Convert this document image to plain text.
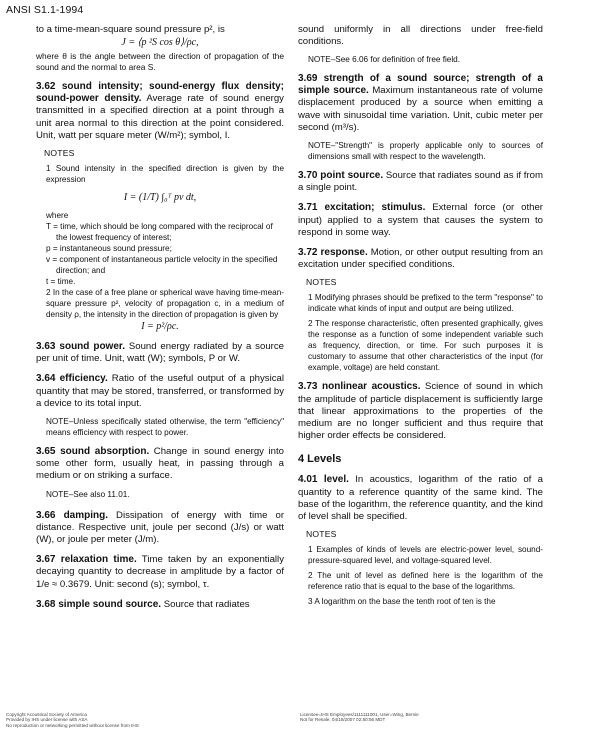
ANSI S1.1-1994
to a time-mean-square sound pressure p², is
J = ⟨p ²S cos θ⟩/ρc,
where θ is the angle between the direction of propagation of the sound and the normal to area S.
3.62 sound intensity; sound-energy flux density; sound-power density. Average rate of sound energy transmitted in a specified direction at a point through a unit area normal to this direction at the point considered. Unit, watt per square meter (W/m²); symbol, I.
NOTES
1 Sound intensity in the specified direction is given by the expression
I = (1/T) ∫₀ᵀ pv dt,
where
T = time, which should be long compared with the reciprocal of the lowest frequency of interest;
p = instantaneous sound pressure;
v = component of instantaneous particle velocity in the specified direction; and
t = time.
2 In the case of a free plane or spherical wave having time-mean-square pressure p², velocity of propagation c, in a medium of density ρ, the intensity in the direction of propagation is given by
I = p²/ρc.
3.63 sound power. Sound energy radiated by a source per unit of time. Unit, watt (W); symbols, P or W.
3.64 efficiency. Ratio of the useful output of a physical quantity that may be stored, transferred, or transformed by a device to its total input.
NOTE–Unless specifically stated otherwise, the term "efficiency" means efficiency with respect to power.
3.65 sound absorption. Change in sound energy into some other form, usually heat, in passing through a medium or on striking a surface.
NOTE–See also 11.01.
3.66 damping. Dissipation of energy with time or distance. Respective unit, joule per second (J/s) or watt (W), or joule per meter (J/m).
3.67 relaxation time. Time taken by an exponentially decaying quantity to decrease in amplitude by a factor of 1/e ≈ 0.3679. Unit: second (s); symbol, τ.
3.68 simple sound source. Source that radiates
sound uniformly in all directions under free-field conditions.
NOTE–See 6.06 for definition of free field.
3.69 strength of a sound source; strength of a simple source. Maximum instantaneous rate of volume displacement produced by a source when emitting a wave with sinusoidal time variation. Unit, cubic meter per second (m³/s).
NOTE–"Strength" is properly applicable only to sources of dimensions small with respect to the wavelength.
3.70 point source. Source that radiates sound as if from a single point.
3.71 excitation; stimulus. External force (or other input) applied to a system that causes the system to respond in some way.
3.72 response. Motion, or other output resulting from an excitation under specified conditions.
NOTES
1 Modifying phrases should be prefixed to the term "response" to indicate what kinds of input and output are being utilized.
2 The response characteristic, often presented graphically, gives the response as a function of some independent variable such as frequency, direction, or time. For such purposes it is customary to assume that other characteristics of the input (for example, voltage) are held constant.
3.73 nonlinear acoustics. Science of sound in which the amplitude of particle displacement is sufficiently large that linear approximations to the properties of the medium are no longer sufficient and thus require that higher order effects be considered.
4 Levels
4.01 level. In acoustics, logarithm of the ratio of a quantity to a reference quantity of the same kind. The base of the logarithm, the reference quantity, and the kind of level shall be specified.
NOTES
1 Examples of kinds of levels are electric-power level, sound-pressure-squared level, and voltage-squared level.
2 The unit of level as defined here is the logarithm of the reference ratio that is equal to the base of the logarithms.
3 A logarithm on the base the tenth root of ten is the
Copyright Acoustical Society of America
Provided by IHS under license with ASA
No reproduction or networking permitted without license from IHS
Licensee=IHS Employees/1111111001, User=Wing, Bernie
Not for Resale, 04/18/2007 02:50:56 MDT
